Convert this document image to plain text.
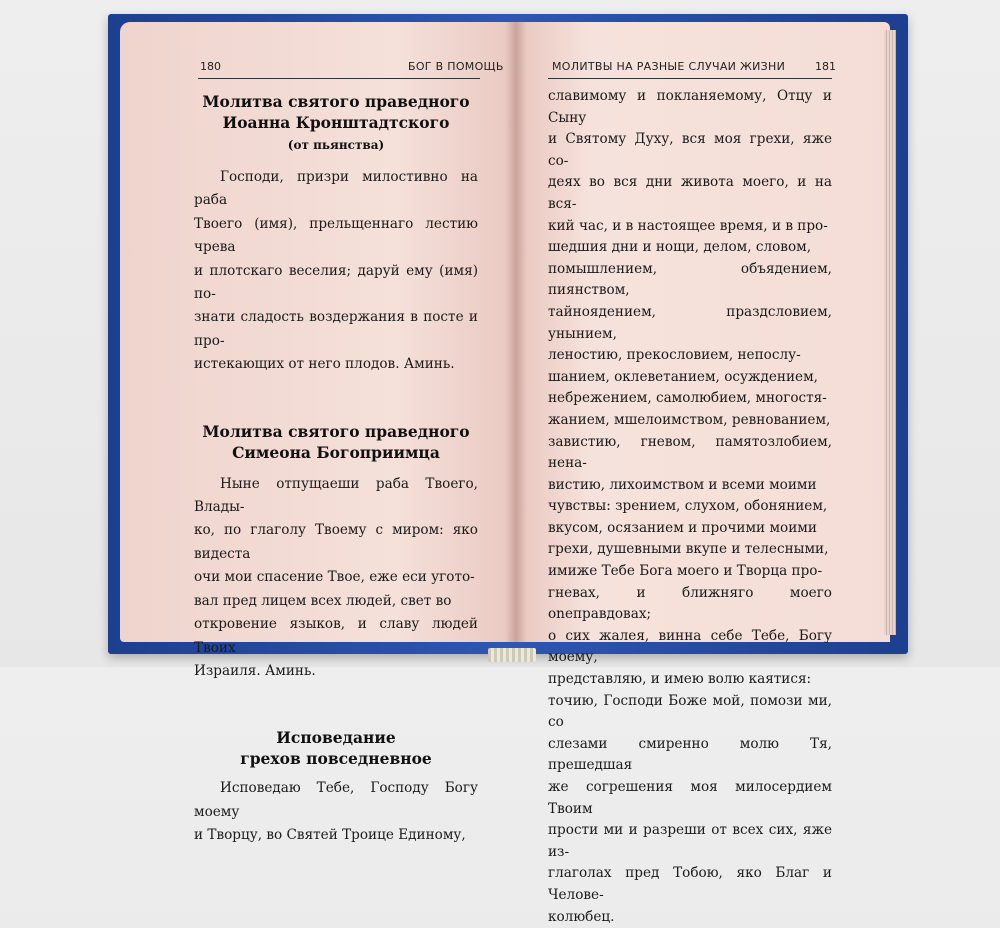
180	БОГ В ПОМОЩЬ	МОЛИТВЫ НА РАЗНЫЕ СЛУЧАИ ЖИЗНИ	181
Молитва святого праведного
Иоанна Кронштадтского
(от пьянства)

Господи, призри милостивно на раба

Твоего (имя), прельщеннаго лестию чрева

и плотскаго веселия; даруй ему (имя) по-

знати сладость воздержания в посте и про-

истекающих от него плодов. Аминь.

Молитва святого праведного
Симеона Богоприимца

Ныне отпущаеши раба Твоего, Влады-

ко, по глаголу Твоему с миром: яко видеста

очи мои спасение Твое, еже еси угото-

вал пред лицем всех людей, свет во

откровение языков, и славу людей Твоих

Израиля. Аминь.

Исповедание
грехов повседневное

Исповедаю Тебе, Господу Богу моему

и Творцу, во Святей Троице Единому,

славимому и покланяемому, Отцу и Сыну

и Святому Духу, вся моя грехи, яже со-

деях во вся дни живота моего, и на вся-

кий час, и в настоящее время, и в про-

шедшия дни и нощи, делом, словом,

помышлением, объядением, пиянством,

тайноядением, праздсловием, унынием,

леностию, прекословием, непослу-

шанием, оклеветанием, осуждением,

небрежением, самолюбием, многостя-

жанием, мшелоимством, ревнованием,

завистию, гневом, памятозлобием, нена-

вистию, лихоимством и всеми моими

чувствы: зрением, слухом, обонянием,

вкусом, осязанием и прочими моими

грехи, душевными вкупе и телесными,

имиже Тебе Бога моего и Творца про-

гневах, и ближняго моего оneправдовах;

о сих жалея, винна себе Тебе, Богу моему,

представляю, и имею волю каятися:

точию, Господи Боже мой, помози ми, со

слезами смиренно молю Тя, прешедшая

же согрешения моя милосердием Твоим

прости ми и разреши от всех сих, яже из-

глаголах пред Тобою, яко Благ и Челове-

колюбец.
